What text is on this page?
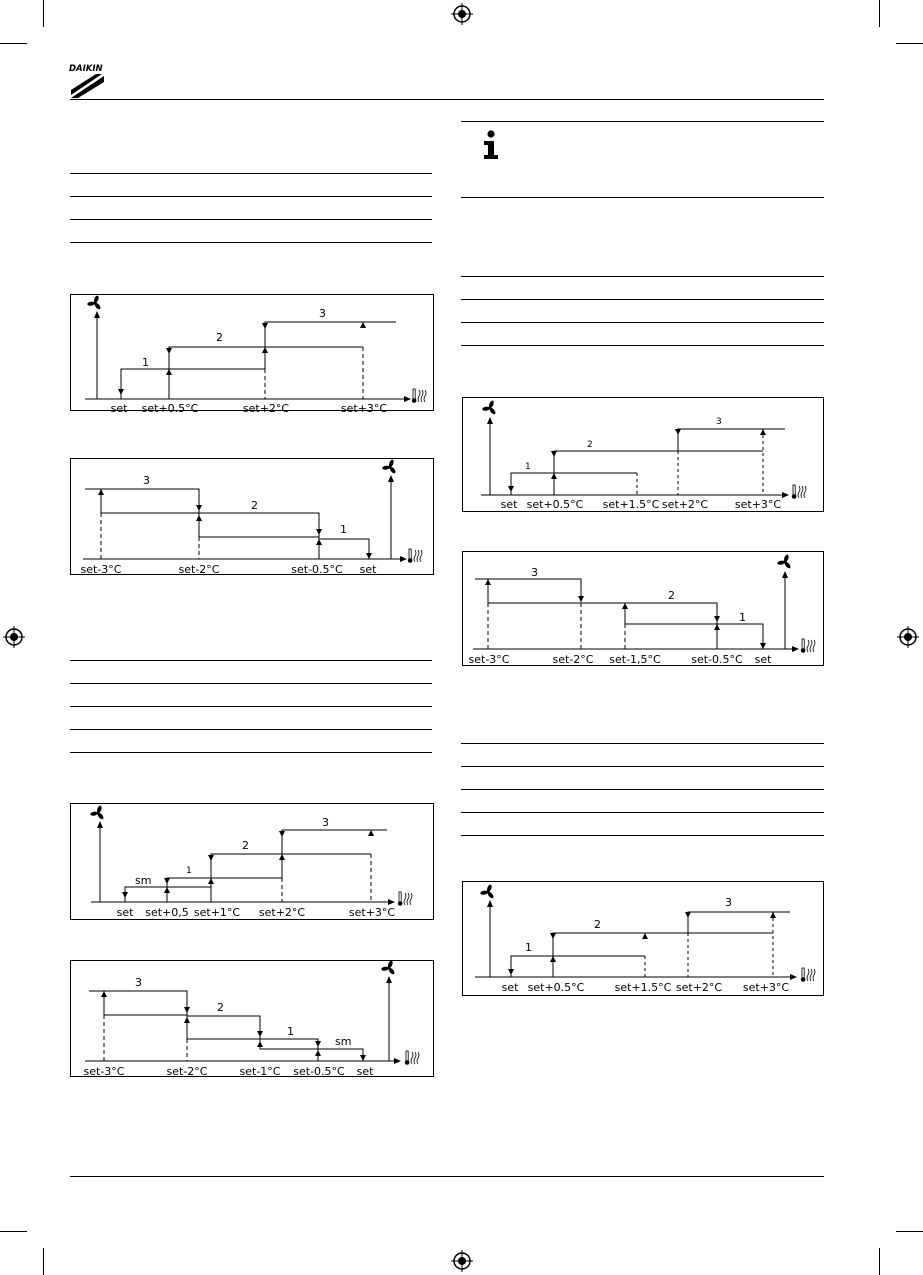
DAIKIN
1
2
3
set set+0.5°C	set+2°C	set+3°C
3
2
1
set-3°C	set-2°C	set-0.5°C set
sm
1
2
3
set set+0,5 set+1°C set+2°C	set+3°C
3
2
1
sm
set-3°C	set-2°C	set-1°C set-0.5°C set
1
2
3
set set+0.5°C set+1.5°C set+2°C set+3°C
3
2
1
set-3°C	set-2°C set-1,5°C	set-0.5°C set
1
2
3
set set+0.5°C	set+1.5°C set+2°C set+3°C
